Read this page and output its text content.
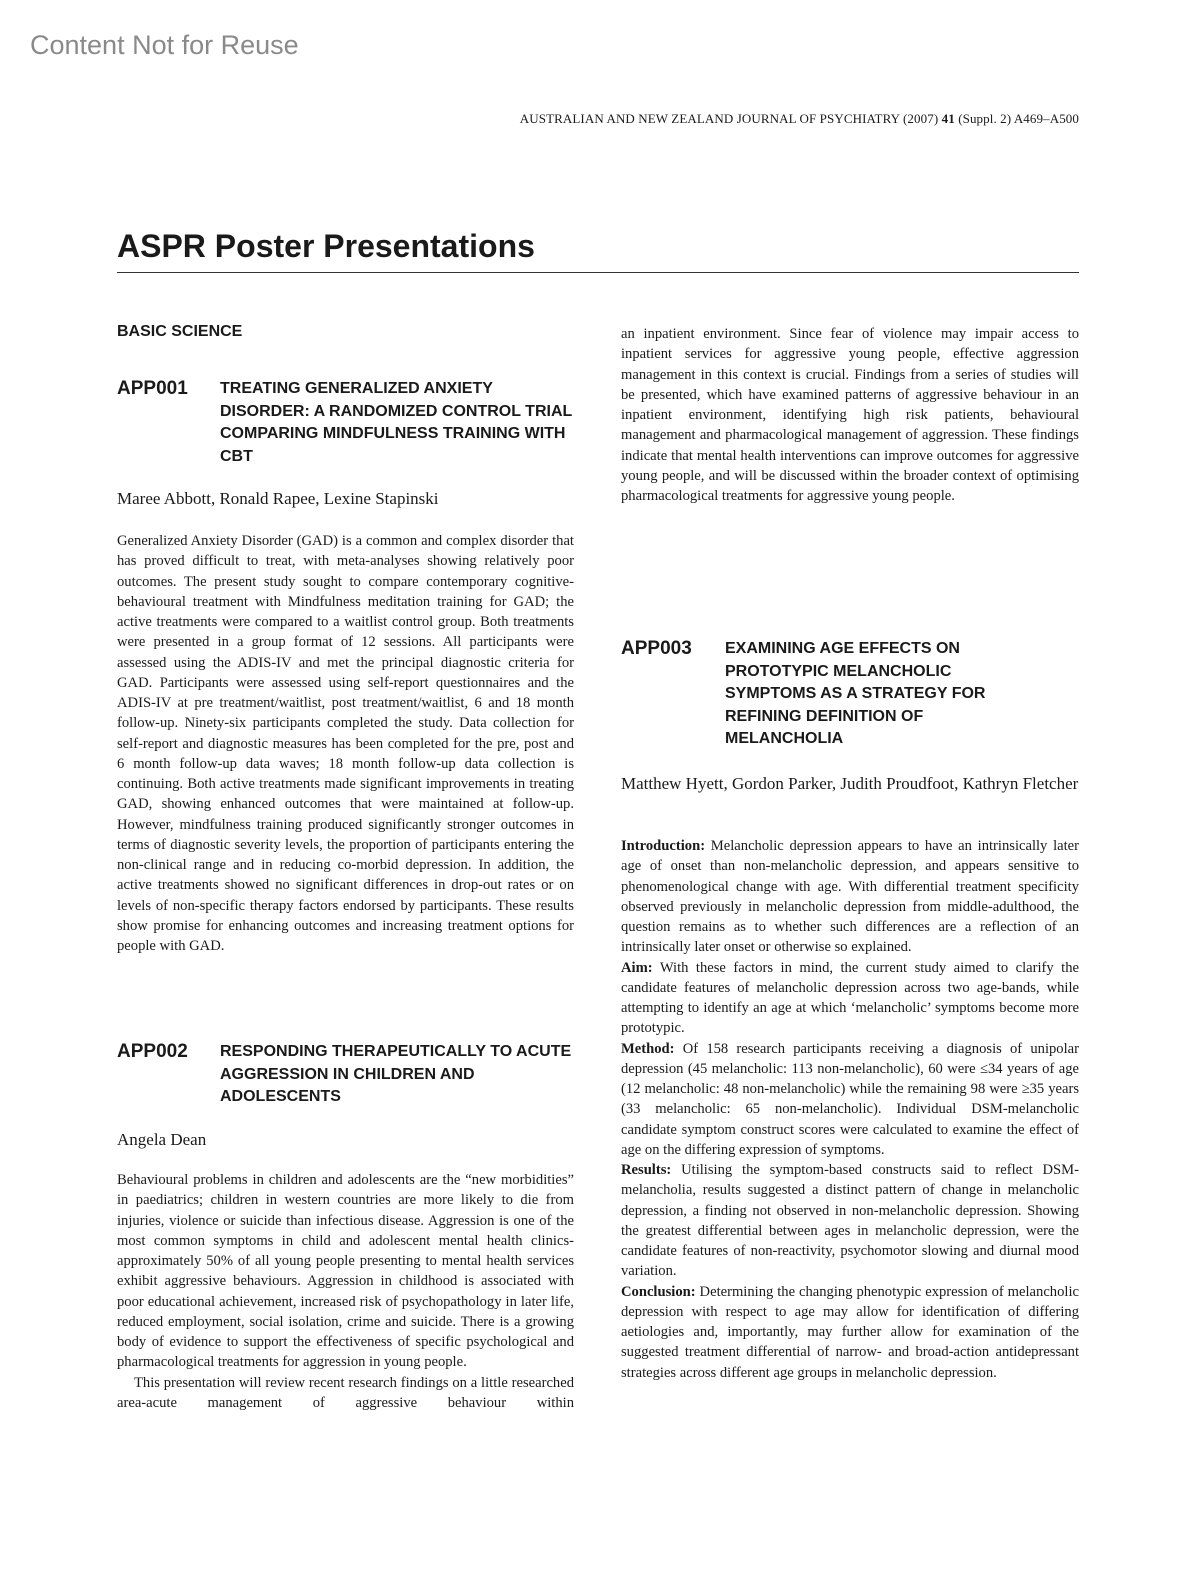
Content Not for Reuse
AUSTRALIAN AND NEW ZEALAND JOURNAL OF PSYCHIATRY (2007) 41 (Suppl. 2) A469–A500
ASPR Poster Presentations
BASIC SCIENCE
APP001 TREATING GENERALIZED ANXIETY DISORDER: A RANDOMIZED CONTROL TRIAL COMPARING MINDFULNESS TRAINING WITH CBT
Maree Abbott, Ronald Rapee, Lexine Stapinski

Generalized Anxiety Disorder (GAD) is a common and complex disorder that has proved difficult to treat, with meta-analyses showing relatively poor outcomes. The present study sought to compare contemporary cognitive-behavioural treatment with Mindfulness meditation training for GAD; the active treatments were compared to a waitlist control group. Both treatments were presented in a group format of 12 sessions. All participants were assessed using the ADIS-IV and met the principal diagnostic criteria for GAD. Participants were assessed using self-report questionnaires and the ADIS-IV at pre treatment/waitlist, post treatment/waitlist, 6 and 18 month follow-up. Ninety-six participants completed the study. Data collection for self-report and diagnostic measures has been completed for the pre, post and 6 month follow-up data waves; 18 month follow-up data collection is continuing. Both active treatments made significant improvements in treating GAD, showing enhanced outcomes that were maintained at follow-up. However, mindfulness training produced significantly stronger outcomes in terms of diagnostic severity levels, the proportion of participants entering the non-clinical range and in reducing co-morbid depression. In addition, the active treatments showed no significant differences in drop-out rates or on levels of non-specific therapy factors endorsed by participants. These results show promise for enhancing outcomes and increasing treatment options for people with GAD.

APP002 RESPONDING THERAPEUTICALLY TO ACUTE AGGRESSION IN CHILDREN AND ADOLESCENTS
Angela Dean

Behavioural problems in children and adolescents are the “new morbidities” in paediatrics; children in western countries are more likely to die from injuries, violence or suicide than infectious disease. Aggression is one of the most common symptoms in child and adolescent mental health clinics-approximately 50% of all young people presenting to mental health services exhibit aggressive behaviours. Aggression in childhood is associated with poor educational achievement, increased risk of psychopathology in later life, reduced employment, social isolation, crime and suicide. There is a growing body of evidence to support the effectiveness of specific psychological and pharmacological treatments for aggression in young people.

This presentation will review recent research findings on a little researched area-acute management of aggressive behaviour within

an inpatient environment. Since fear of violence may impair access to inpatient services for aggressive young people, effective aggression management in this context is crucial. Findings from a series of studies will be presented, which have examined patterns of aggressive behaviour in an inpatient environment, identifying high risk patients, behavioural management and pharmacological management of aggression. These findings indicate that mental health interventions can improve outcomes for aggressive young people, and will be discussed within the broader context of optimising pharmacological treatments for aggressive young people.

APP003 EXAMINING AGE EFFECTS ON PROTOTYPIC MELANCHOLIC SYMPTOMS AS A STRATEGY FOR REFINING DEFINITION OF MELANCHOLIA
Matthew Hyett, Gordon Parker, Judith Proudfoot, Kathryn Fletcher

Introduction: Melancholic depression appears to have an intrinsically later age of onset than non-melancholic depression, and appears sensitive to phenomenological change with age. With differential treatment specificity observed previously in melancholic depression from middle-adulthood, the question remains as to whether such differences are a reflection of an intrinsically later onset or otherwise so explained.

Aim: With these factors in mind, the current study aimed to clarify the candidate features of melancholic depression across two age-bands, while attempting to identify an age at which ‘melancholic’ symptoms become more prototypic.

Method: Of 158 research participants receiving a diagnosis of unipolar depression (45 melancholic: 113 non-melancholic), 60 were ≤34 years of age (12 melancholic: 48 non-melancholic) while the remaining 98 were ≥35 years (33 melancholic: 65 non-melancholic). Individual DSM-melancholic candidate symptom construct scores were calculated to examine the effect of age on the differing expression of symptoms.

Results: Utilising the symptom-based constructs said to reflect DSM-melancholia, results suggested a distinct pattern of change in melancholic depression, a finding not observed in non-melancholic depression. Showing the greatest differential between ages in melancholic depression, were the candidate features of non-reactivity, psychomotor slowing and diurnal mood variation.

Conclusion: Determining the changing phenotypic expression of melancholic depression with respect to age may allow for identification of differing aetiologies and, importantly, may further allow for examination of the suggested treatment differential of narrow- and broad-action antidepressant strategies across different age groups in melancholic depression.
